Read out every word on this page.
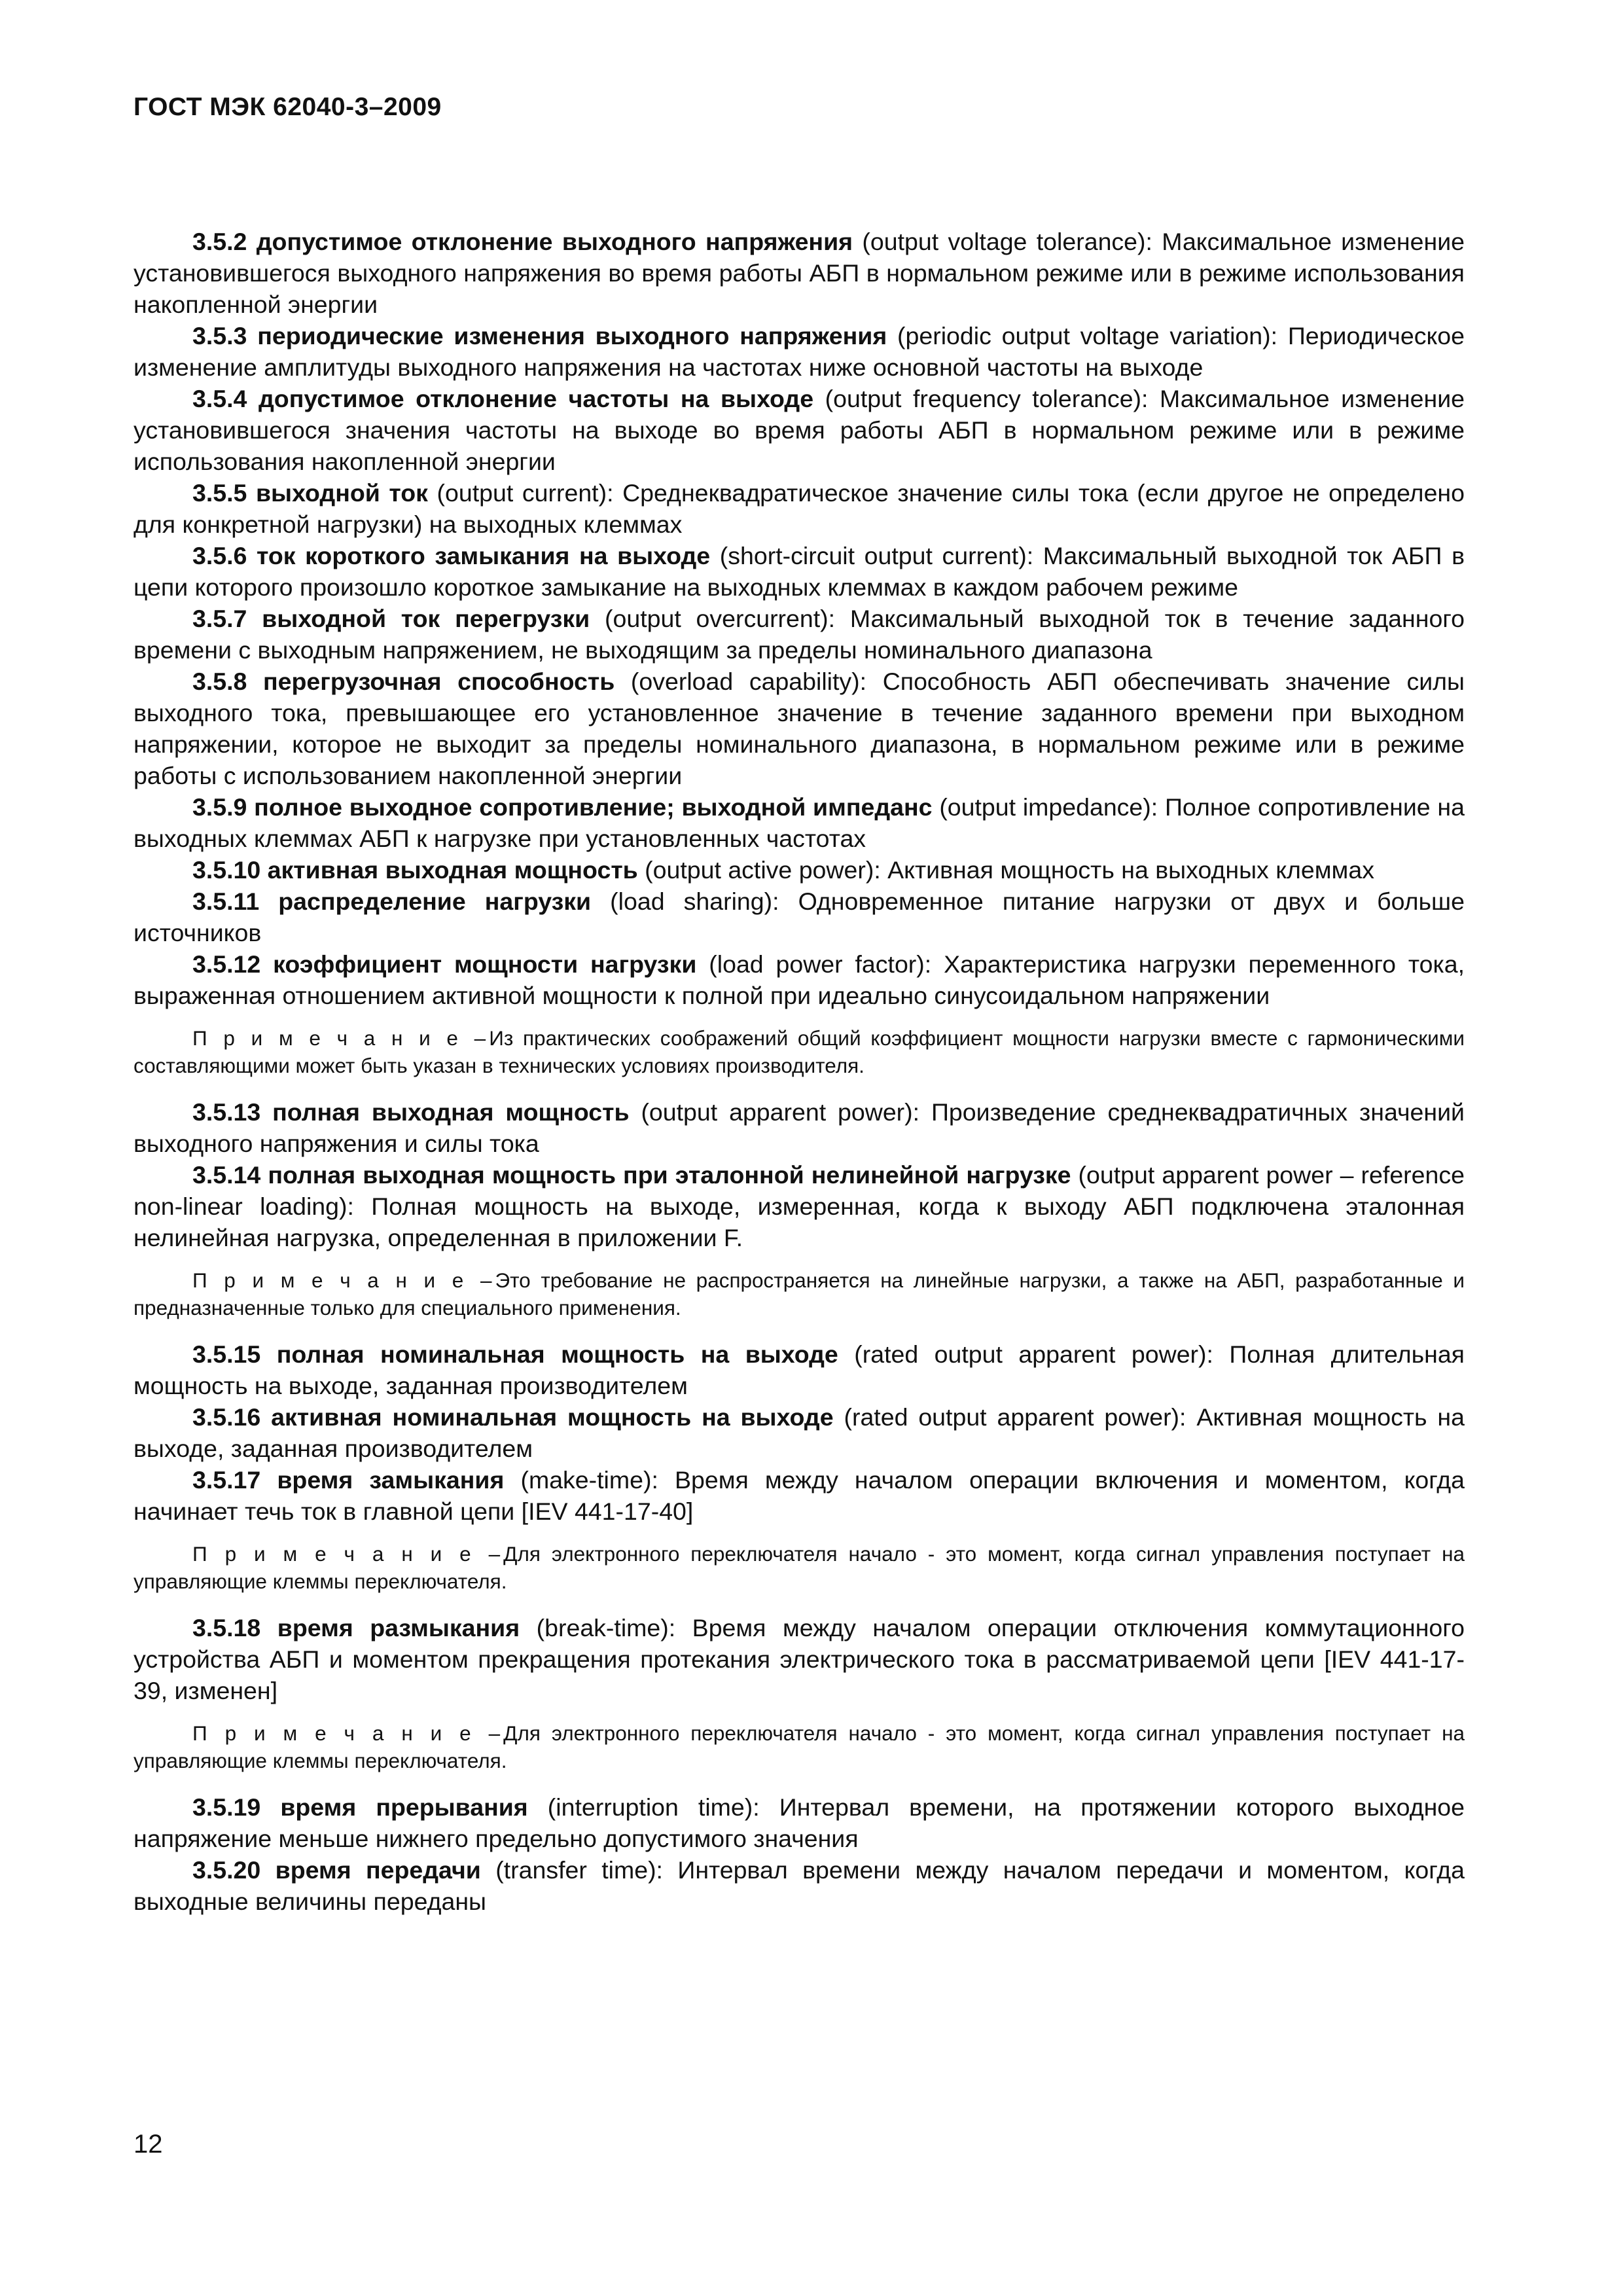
ГОСТ МЭК 62040-3–2009

3.5.2 допустимое отклонение выходного напряжения (output voltage tolerance): Максимальное изменение установившегося выходного напряжения во время работы АБП в нормальном режиме или в режиме использования накопленной энергии

3.5.3 периодические изменения выходного напряжения (periodic output voltage variation): Периодическое изменение амплитуды выходного напряжения на частотах ниже основной частоты на выходе

3.5.4 допустимое отклонение частоты на выходе (output frequency tolerance): Максимальное изменение установившегося значения частоты на выходе во время работы АБП в нормальном режиме или в режиме использования накопленной энергии

3.5.5 выходной ток (output current): Среднеквадратическое значение силы тока (если другое не определено для конкретной нагрузки) на выходных клеммах

3.5.6 ток короткого замыкания на выходе (short-circuit output current): Максимальный выходной ток АБП в цепи которого произошло короткое замыкание на выходных клеммах в каждом рабочем режиме

3.5.7 выходной ток перегрузки (output overcurrent): Максимальный выходной ток в течение заданного времени с выходным напряжением, не выходящим за пределы номинального диапазона

3.5.8 перегрузочная способность (overload capability): Способность АБП обеспечивать значение силы выходного тока, превышающее его установленное значение в течение заданного времени при выходном напряжении, которое не выходит за пределы номинального диапазона, в нормальном режиме или в режиме работы с использованием накопленной энергии

3.5.9 полное выходное сопротивление; выходной импеданс (output impedance): Полное сопротивление на выходных клеммах АБП к нагрузке при установленных частотах

3.5.10 активная выходная мощность (output active power): Активная мощность на выходных клеммах

3.5.11 распределение нагрузки (load sharing): Одновременное питание нагрузки от двух и больше источников

3.5.12 коэффициент мощности нагрузки (load power factor): Характеристика нагрузки переменного тока, выраженная отношением активной мощности к полной при идеально синусоидальном напряжении

П р и м е ч а н и е –Из практических соображений общий коэффициент мощности нагрузки вместе с гармоническими составляющими может быть указан в технических условиях производителя.

3.5.13 полная выходная мощность (output apparent power): Произведение среднеквадратичных значений выходного напряжения и силы тока

3.5.14 полная выходная мощность при эталонной нелинейной нагрузке (output apparent power – reference non-linear loading): Полная мощность на выходе, измеренная, когда к выходу АБП подключена эталонная нелинейная нагрузка, определенная в приложении F.

П р и м е ч а н и е –Это требование не распространяется на линейные нагрузки, а также на АБП, разработанные и предназначенные только для специального применения.

3.5.15 полная номинальная мощность на выходе (rated output apparent power): Полная длительная мощность на выходе, заданная производителем

3.5.16 активная номинальная мощность на выходе (rated output apparent power): Активная мощность на выходе, заданная производителем

3.5.17 время замыкания (make-time): Время между началом операции включения и моментом, когда начинает течь ток в главной цепи [IEV 441-17-40]

П р и м е ч а н и е –Для электронного переключателя начало - это момент, когда сигнал управления поступает на управляющие клеммы переключателя.

3.5.18 время размыкания (break-time): Время между началом операции отключения коммутационного устройства АБП и моментом прекращения протекания электрического тока в рассматриваемой цепи [IEV 441-17-39, изменен]

П р и м е ч а н и е –Для электронного переключателя начало - это момент, когда сигнал управления поступает на управляющие клеммы переключателя.

3.5.19 время прерывания (interruption time): Интервал времени, на протяжении которого выходное напряжение меньше нижнего предельно допустимого значения

3.5.20 время передачи (transfer time): Интервал времени между началом передачи и моментом, когда выходные величины переданы

12
